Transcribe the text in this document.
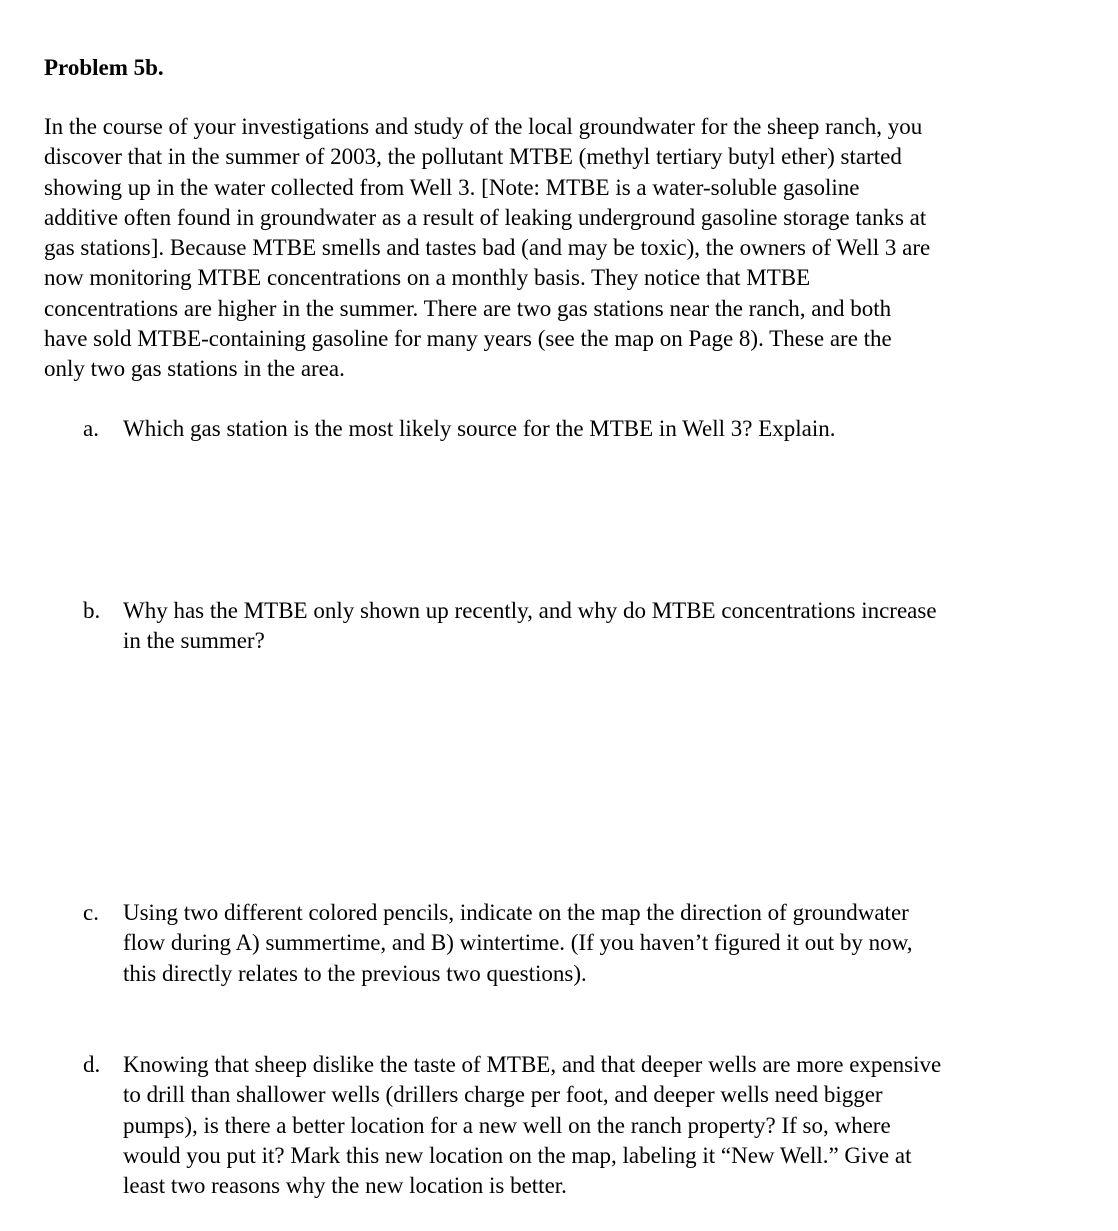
Problem 5b.

In the course of your investigations and study of the local groundwater for the sheep ranch, you
discover that in the summer of 2003, the pollutant MTBE (methyl tertiary butyl ether) started
showing up in the water collected from Well 3. [Note: MTBE is a water-soluble gasoline
additive often found in groundwater as a result of leaking underground gasoline storage tanks at
gas stations]. Because MTBE smells and tastes bad (and may be toxic), the owners of Well 3 are
now monitoring MTBE concentrations on a monthly basis. They notice that MTBE
concentrations are higher in the summer. There are two gas stations near the ranch, and both
have sold MTBE-containing gasoline for many years (see the map on Page 8). These are the
only two gas stations in the area.

a. Which gas station is the most likely source for the MTBE in Well 3? Explain.

b. Why has the MTBE only shown up recently, and why do MTBE concentrations increase
in the summer?

c. Using two different colored pencils, indicate on the map the direction of groundwater
flow during A) summertime, and B) wintertime. (If you haven’t figured it out by now,
this directly relates to the previous two questions).

d. Knowing that sheep dislike the taste of MTBE, and that deeper wells are more expensive
to drill than shallower wells (drillers charge per foot, and deeper wells need bigger
pumps), is there a better location for a new well on the ranch property? If so, where
would you put it? Mark this new location on the map, labeling it “New Well.” Give at
least two reasons why the new location is better.
